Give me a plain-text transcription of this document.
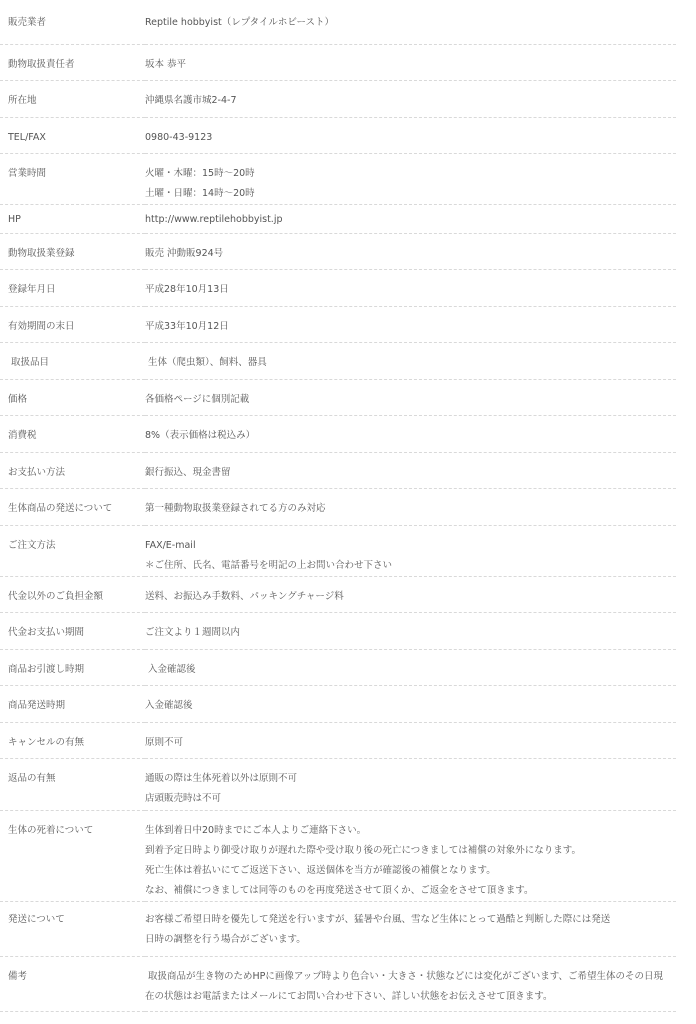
販売業者	Reptile hobbyist（レプタイルホビースト）

動物取扱責任者	坂本 恭平

所在地	沖縄県名護市城2-4-7

TEL/FAX	0980-43-9123

営業時間	火曜・木曜：15時〜20時
土曜・日曜：14時〜20時

HP	http://www.reptilehobbyist.jp

動物取扱業登録	販売 沖動販924号

登録年月日	平成28年10月13日

有効期間の末日	平成33年10月12日

取扱品目	生体（爬虫類）、飼料、器具

価格	各価格ページに個別記載

消費税	8%（表示価格は税込み）

お支払い方法	銀行振込、現金書留

生体商品の発送について	第一種動物取扱業登録されてる方のみ対応

ご注文方法	FAX/E-mail
＊ご住所、氏名、電話番号を明記の上お問い合わせ下さい

代金以外のご負担金額	送料、お振込み手数料、パッキングチャージ料

代金お支払い期間	ご注文より１週間以内

商品お引渡し時期	入金確認後

商品発送時期	入金確認後

キャンセルの有無	原則不可

返品の有無	通販の際は生体死着以外は原則不可
店頭販売時は不可

生体の死着について	生体到着日中20時までにご本人よりご連絡下さい。
到着予定日時より御受け取りが遅れた際や受け取り後の死亡につきましては補償の対象外になります。
死亡生体は着払いにてご返送下さい、返送個体を当方が確認後の補償となります。
なお、補償につきましては同等のものを再度発送させて頂くか、ご返金をさせて頂きます。

発送について	お客様ご希望日時を優先して発送を行いますが、猛暑や台風、雪など生体にとって過酷と判断した際には発送日時の調整を行う場合がございます。

備考	取扱商品が生き物のためHPに画像アップ時より色合い・大きさ・状態などには変化がございます、ご希望生体のその日現在の状態はお電話またはメールにてお問い合わせ下さい、詳しい状態をお伝えさせて頂きます。
